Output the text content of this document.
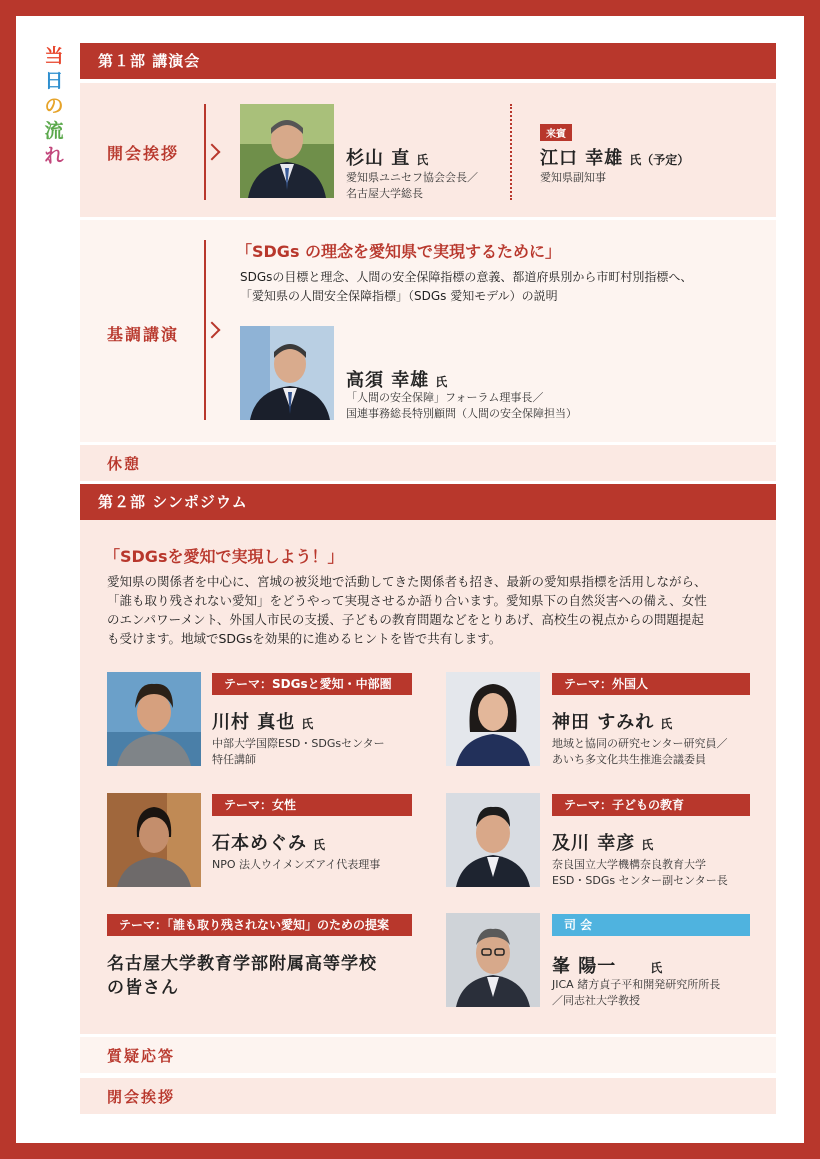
当
日
の
流
れ
第１部 講演会
開会挨拶	杉山 直 氏
愛知県ユニセフ協会会長／
名古屋大学総長
来賓
江口 幸雄 氏（予定）
愛知県副知事
基調講演
「SDGs の理念を愛知県で実現するために」
SDGsの目標と理念、人間の安全保障指標の意義、都道府県別から市町村別指標へ、
「愛知県の人間安全保障指標」（SDGs 愛知モデル）の説明
高須 幸雄 氏
「人間の安全保障」フォーラム理事長／
国連事務総長特別顧問（人間の安全保障担当）
休憩
第２部 シンポジウム
「SDGsを愛知で実現しよう！」
愛知県の関係者を中心に、宮城の被災地で活動してきた関係者も招き、最新の愛知県指標を活用しながら、
「誰も取り残されない愛知」をどうやって実現させるか語り合います。愛知県下の自然災害への備え、女性
のエンパワーメント、外国人市民の支援、子どもの教育問題などをとりあげ、高校生の視点からの問題提起
も受けます。地域でSDGsを効果的に進めるヒントを皆で共有します。
テーマ：SDGsと愛知・中部圏
川村 真也 氏
中部大学国際ESD・SDGsセンター
特任講師
テーマ：外国人
神田 すみれ 氏
地域と協同の研究センター研究員／
あいち多文化共生推進会議委員
テーマ：女性
石本めぐみ 氏
NPO 法人ウイメンズアイ代表理事
テーマ：子どもの教育
及川 幸彦 氏
奈良国立大学機構奈良教育大学
ESD・SDGs センター副センター長
テーマ：「誰も取り残されない愛知」のための提案
名古屋大学教育学部附属高等学校
の皆さん
司 会
峯 陽一	氏
JICA 緒方貞子平和開発研究所所長
／同志社大学教授
質疑応答
閉会挨拶
